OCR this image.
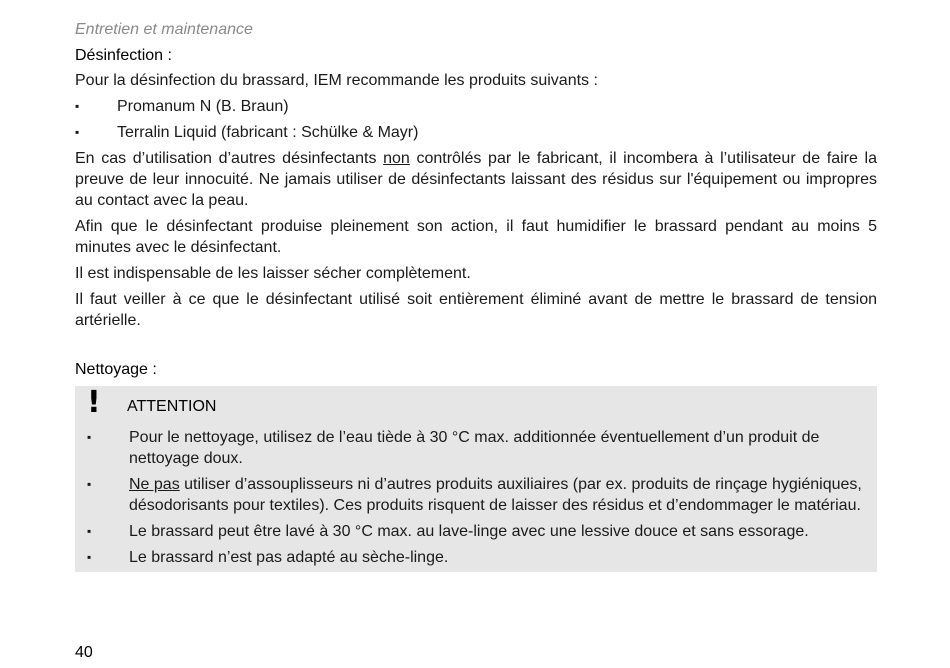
Entretien et maintenance
Désinfection :

Pour la désinfection du brassard, IEM recommande les produits suivants :

▪	Promanum N (B. Braun)
▪	Terralin Liquid (fabricant : Schülke & Mayr)

En cas d’utilisation d’autres désinfectants non contrôlés par le fabricant, il incombera à l’utilisateur de faire la preuve de leur innocuité. Ne jamais utiliser de désinfectants laissant des résidus sur l'équipement ou impropres au contact avec la peau.

Afin que le désinfectant produise pleinement son action, il faut humidifier le brassard pendant au moins 5 minutes avec le désinfectant.

Il est indispensable de les laisser sécher complètement.

Il faut veiller à ce que le désinfectant utilisé soit entièrement éliminé avant de mettre le brassard de tension artérielle.

Nettoyage :
! ATTENTION
▪ Pour le nettoyage, utilisez de l’eau tiède à 30 °C max. additionnée éventuellement d’un produit de nettoyage doux.
▪ Ne pas utiliser d’assouplisseurs ni d’autres produits auxiliaires (par ex. produits de rinçage hygiéniques, désodorisants pour textiles). Ces produits risquent de laisser des résidus et d’endommager le matériau.
▪ Le brassard peut être lavé à 30 °C max. au lave-linge avec une lessive douce et sans essorage.
▪ Le brassard n’est pas adapté au sèche-linge.
40
